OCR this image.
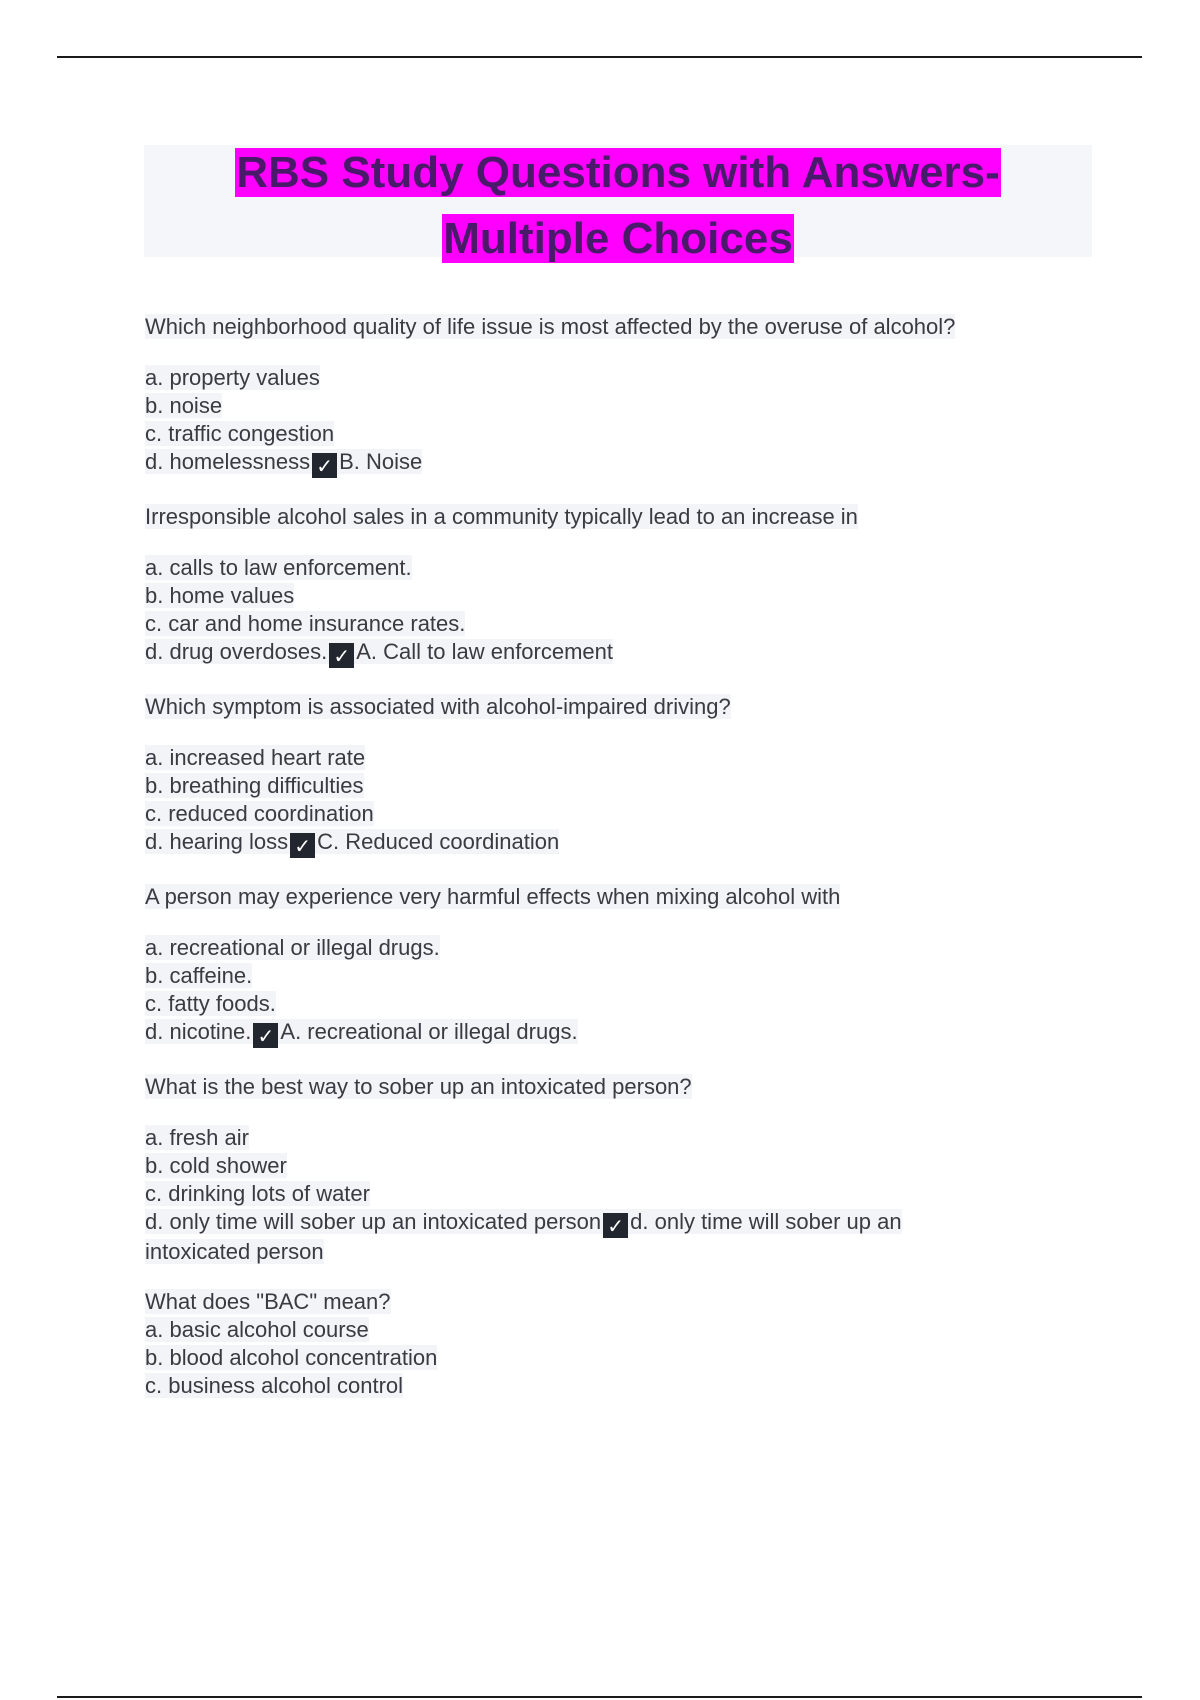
RBS Study Questions with Answers-
Multiple Choices
Which neighborhood quality of life issue is most affected by the overuse of alcohol?
a. property values
b. noise
c. traffic congestion
d. homelessness ✓ B. Noise
Irresponsible alcohol sales in a community typically lead to an increase in
a. calls to law enforcement.
b. home values
c. car and home insurance rates.
d. drug overdoses. ✓ A. Call to law enforcement
Which symptom is associated with alcohol-impaired driving?
a. increased heart rate
b. breathing difficulties
c. reduced coordination
d. hearing loss ✓ C. Reduced coordination
A person may experience very harmful effects when mixing alcohol with
a. recreational or illegal drugs.
b. caffeine.
c. fatty foods.
d. nicotine. ✓ A. recreational or illegal drugs.
What is the best way to sober up an intoxicated person?
a. fresh air
b. cold shower
c. drinking lots of water
d. only time will sober up an intoxicated person ✓ d. only time will sober up an
intoxicated person
What does "BAC" mean?
a. basic alcohol course
b. blood alcohol concentration
c. business alcohol control
